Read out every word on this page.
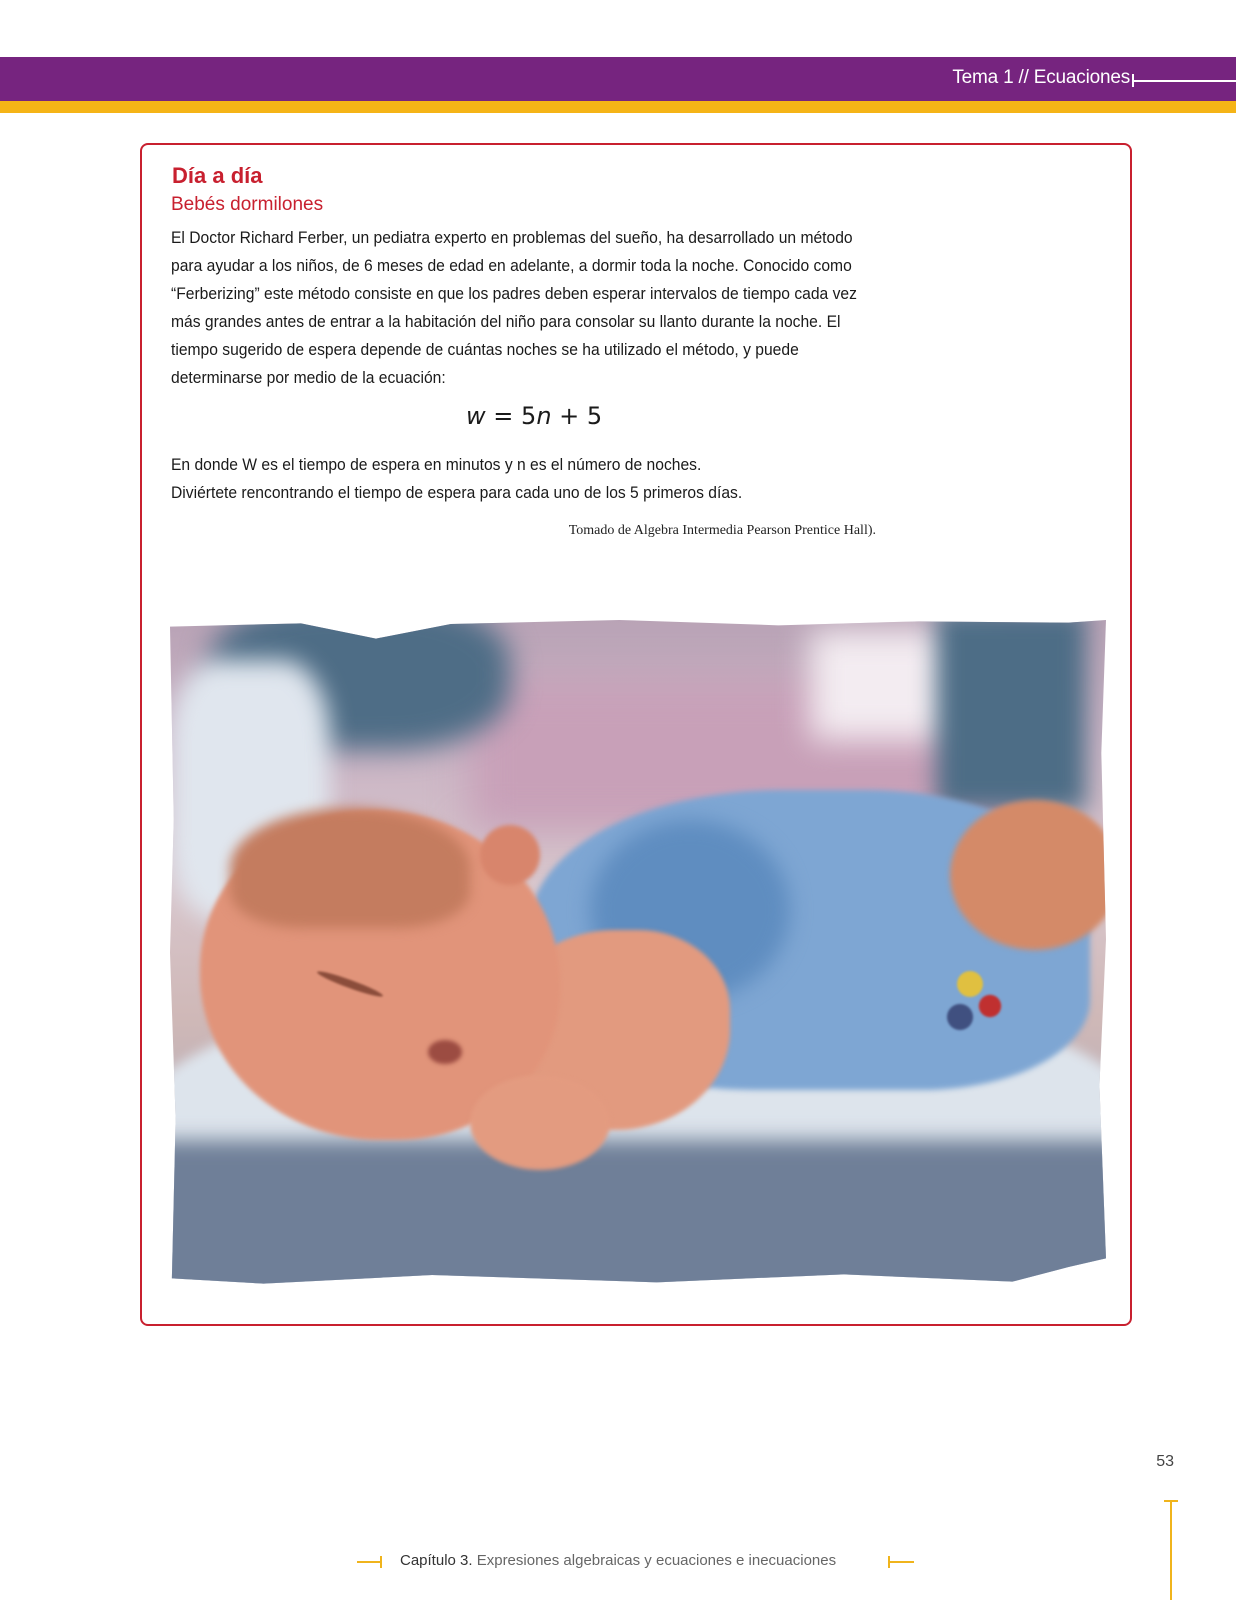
Tema 1 // Ecuaciones
Día a día
Bebés dormilones
El Doctor Richard Ferber, un pediatra experto en problemas del sueño, ha desarrollado un método para ayudar a los niños, de 6 meses de edad en adelante, a dormir toda la noche. Conocido como “Ferberizing” este método consiste en que los padres deben esperar intervalos de tiempo cada vez más grandes antes de entrar a la habitación del niño para consolar su llanto durante la noche. El tiempo sugerido de espera depende de cuántas noches se ha utilizado el método, y puede determinarse por medio de la ecuación:
w = 5n + 5
En donde W es el tiempo de espera en minutos y n es el número de noches.
Diviértete rencontrando el tiempo de espera para cada uno de los 5 primeros días.
Tomado de Algebra Intermedia Pearson Prentice Hall).
53
Capítulo 3. Expresiones algebraicas y ecuaciones e inecuaciones
